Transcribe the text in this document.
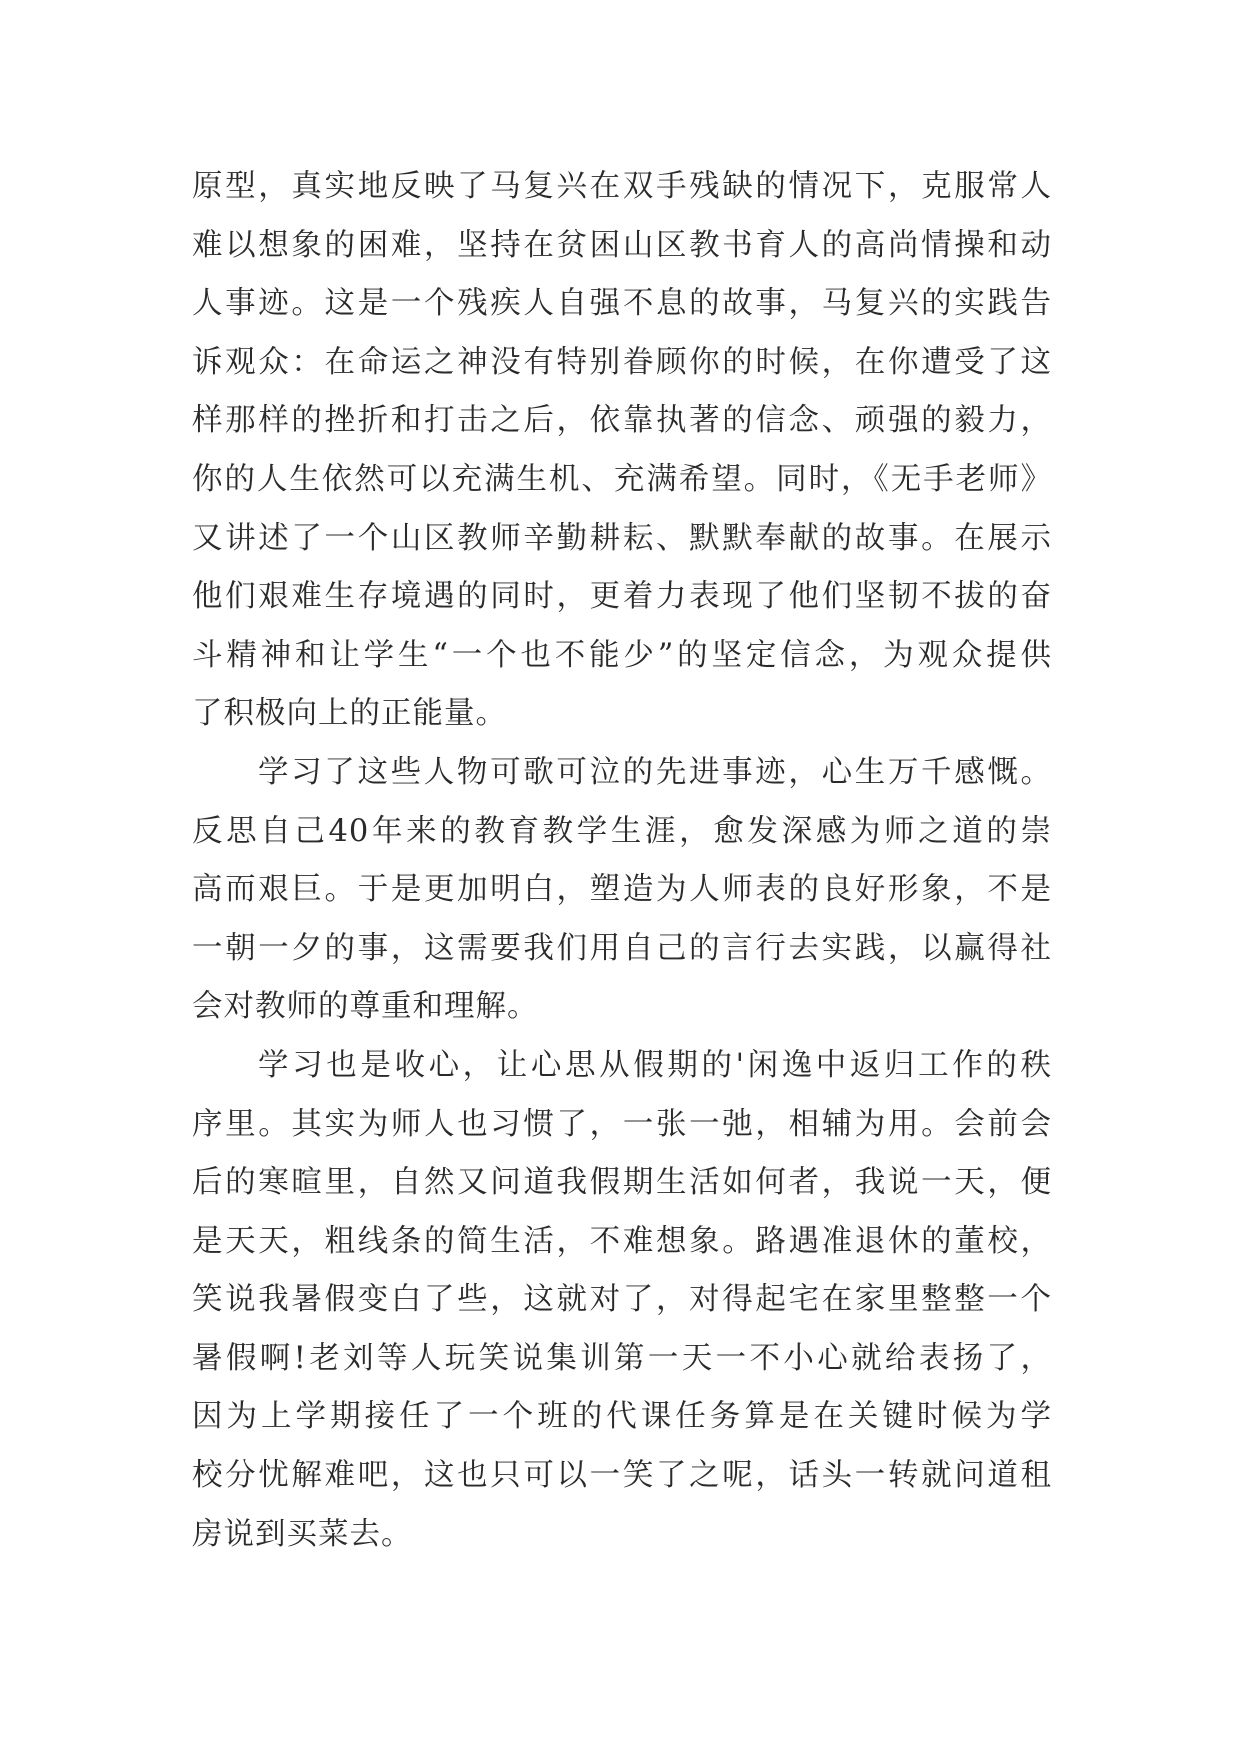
原型，真实地反映了马复兴在双手残缺的情况下，克服常人
难以想象的困难，坚持在贫困山区教书育人的高尚情操和动
人事迹。这是一个残疾人自强不息的故事，马复兴的实践告
诉观众：在命运之神没有特别眷顾你的时候，在你遭受了这
样那样的挫折和打击之后，依靠执著的信念、顽强的毅力，
你的人生依然可以充满生机、充满希望。同时，《无手老师》
又讲述了一个山区教师辛勤耕耘、默默奉献的故事。在展示
他们艰难生存境遇的同时，更着力表现了他们坚韧不拔的奋
斗精神和让学生“一个也不能少”的坚定信念，为观众提供
了积极向上的正能量。
学习了这些人物可歌可泣的先进事迹，心生万千感慨。
反思自己40年来的教育教学生涯，愈发深感为师之道的崇
高而艰巨。于是更加明白，塑造为人师表的良好形象，不是
一朝一夕的事，这需要我们用自己的言行去实践，以赢得社
会对教师的尊重和理解。
学习也是收心，让心思从假期的'闲逸中返归工作的秩
序里。其实为师人也习惯了，一张一弛，相辅为用。会前会
后的寒暄里，自然又问道我假期生活如何者，我说一天，便
是天天，粗线条的简生活，不难想象。路遇准退休的董校，
笑说我暑假变白了些，这就对了，对得起宅在家里整整一个
暑假啊!老刘等人玩笑说集训第一天一不小心就给表扬了，
因为上学期接任了一个班的代课任务算是在关键时候为学
校分忧解难吧，这也只可以一笑了之呢，话头一转就问道租
房说到买菜去。
